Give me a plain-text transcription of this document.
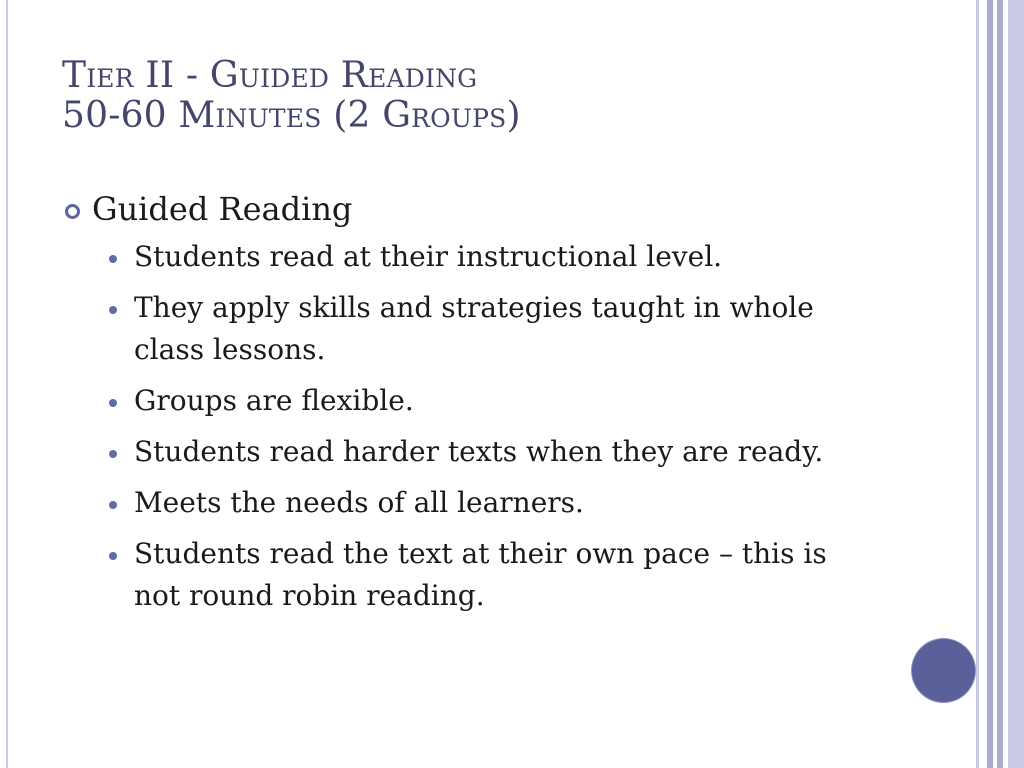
Tier II - Guided Reading
50-60 Minutes (2 Groups)
Guided Reading
Students read at their instructional level.
They apply skills and strategies taught in whole class lessons.
Groups are flexible.
Students read harder texts when they are ready.
Meets the needs of all learners.
Students read the text at their own pace – this is not round robin reading.
